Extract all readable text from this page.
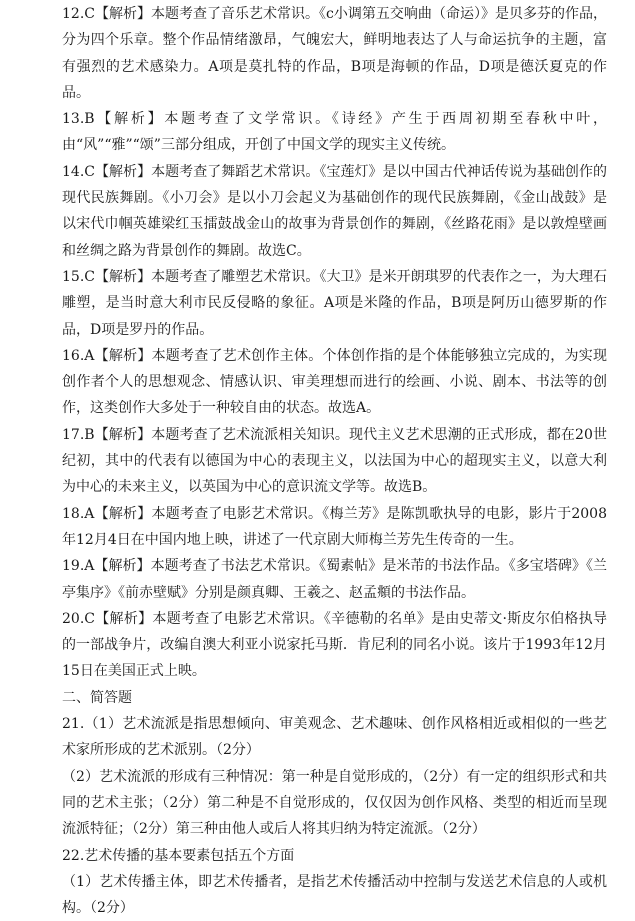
12.C【解析】本题考查了音乐艺术常识。《c小调第五交响曲（命运）》是贝多芬的作品，分为四个乐章。整个作品情绪激昂，气魄宏大，鲜明地表达了人与命运抗争的主题，富有强烈的艺术感染力。A项是莫扎特的作品，B项是海顿的作品，D项是德沃夏克的作品。

13.B【解析】本题考查了文学常识。《诗经》产生于西周初期至春秋中叶，由“风”“雅”“颂”三部分组成，开创了中国文学的现实主义传统。

14.C【解析】本题考查了舞蹈艺术常识。《宝莲灯》是以中国古代神话传说为基础创作的现代民族舞剧。《小刀会》是以小刀会起义为基础创作的现代民族舞剧，《金山战鼓》是以宋代巾帼英雄梁红玉擂鼓战金山的故事为背景创作的舞剧，《丝路花雨》是以敦煌壁画和丝绸之路为背景创作的舞剧。故选C。

15.C【解析】本题考查了雕塑艺术常识。《大卫》是米开朗琪罗的代表作之一，为大理石雕塑，是当时意大利市民反侵略的象征。A项是米隆的作品，B项是阿历山德罗斯的作品，D项是罗丹的作品。

16.A【解析】本题考查了艺术创作主体。个体创作指的是个体能够独立完成的，为实现创作者个人的思想观念、情感认识、审美理想而进行的绘画、小说、剧本、书法等的创作，这类创作大多处于一种较自由的状态。故选A。

17.B【解析】本题考查了艺术流派相关知识。现代主义艺术思潮的正式形成，都在20世纪初，其中的代表有以德国为中心的表现主义，以法国为中心的超现实主义，以意大利为中心的未来主义，以英国为中心的意识流文学等。故选B。

18.A【解析】本题考查了电影艺术常识。《梅兰芳》是陈凯歌执导的电影，影片于2008年12月4日在中国内地上映，讲述了一代京剧大师梅兰芳先生传奇的一生。

19.A【解析】本题考查了书法艺术常识。《蜀素帖》是米芾的书法作品。《多宝塔碑》《兰亭集序》《前赤壁赋》分别是颜真卿、王羲之、赵孟頫的书法作品。

20.C【解析】本题考查了电影艺术常识。《辛德勒的名单》是由史蒂文·斯皮尔伯格执导的一部战争片，改编自澳大利亚小说家托马斯．肯尼利的同名小说。该片于1993年12月15日在美国正式上映。

二、简答题

21.（1）艺术流派是指思想倾向、审美观念、艺术趣味、创作风格相近或相似的一些艺术家所形成的艺术派别。（2分）

（2）艺术流派的形成有三种情况：第一种是自觉形成的，（2分）有一定的组织形式和共同的艺术主张；（2分）第二种是不自觉形成的，仅仅因为创作风格、类型的相近而呈现流派特征；（2分）第三种由他人或后人将其归纳为特定流派。（2分）

22.艺术传播的基本要素包括五个方面

（1）艺术传播主体，即艺术传播者，是指艺术传播活动中控制与发送艺术信息的人或机构。（2分）
